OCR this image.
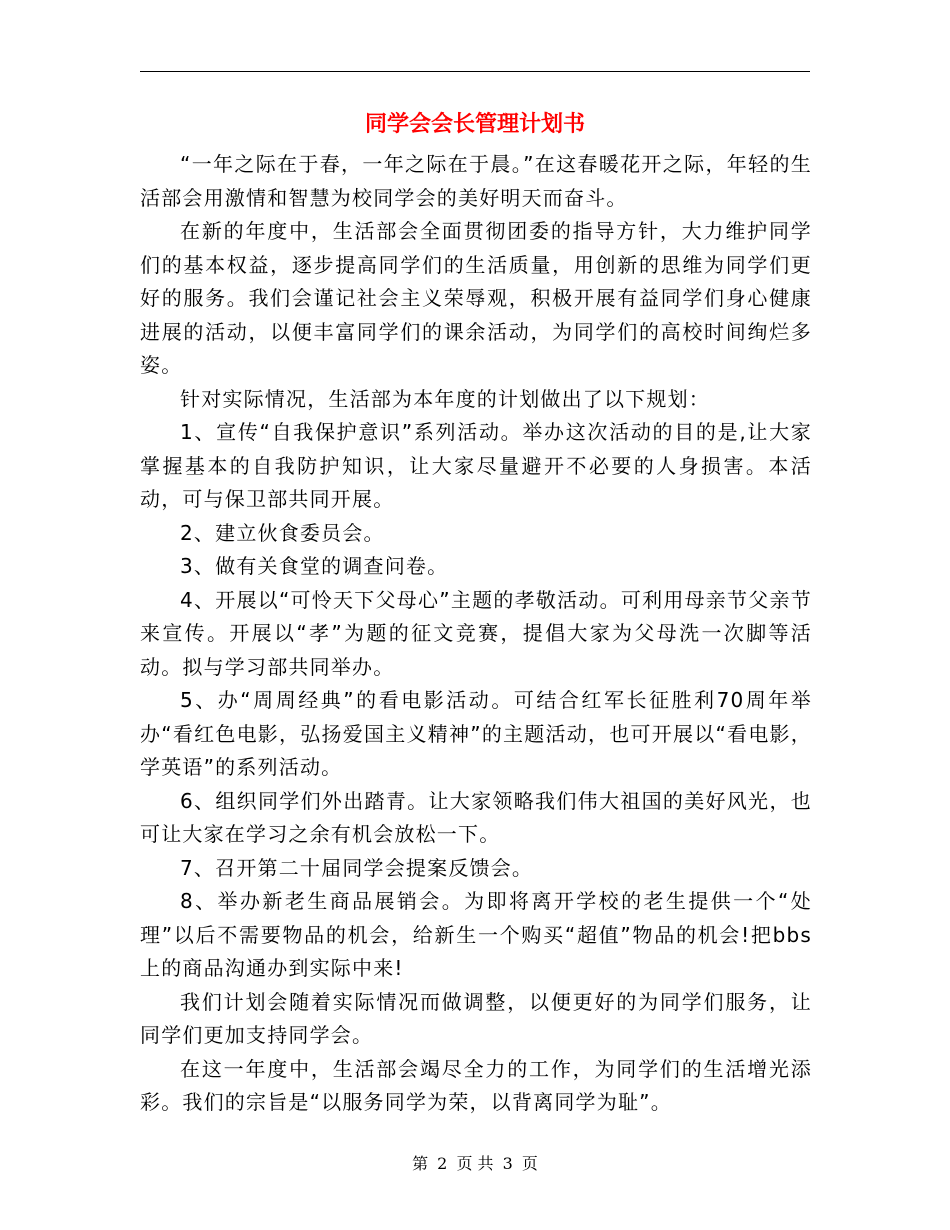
同学会会长管理计划书

“一年之际在于春，一年之际在于晨。”在这春暖花开之际，年轻的生活部会用激情和智慧为校同学会的美好明天而奋斗。

在新的年度中，生活部会全面贯彻团委的指导方针，大力维护同学们的基本权益，逐步提高同学们的生活质量，用创新的思维为同学们更好的服务。我们会谨记社会主义荣辱观，积极开展有益同学们身心健康进展的活动，以便丰富同学们的课余活动，为同学们的高校时间绚烂多姿。

针对实际情况，生活部为本年度的计划做出了以下规划：

1、宣传“自我保护意识”系列活动。举办这次活动的目的是,让大家掌握基本的自我防护知识，让大家尽量避开不必要的人身损害。本活动，可与保卫部共同开展。

2、建立伙食委员会。

3、做有关食堂的调查问卷。

4、开展以“可怜天下父母心”主题的孝敬活动。可利用母亲节父亲节来宣传。开展以“孝”为题的征文竞赛，提倡大家为父母洗一次脚等活动。拟与学习部共同举办。

5、办“周周经典”的看电影活动。可结合红军长征胜利70周年举办“看红色电影，弘扬爱国主义精神”的主题活动，也可开展以“看电影，学英语”的系列活动。

6、组织同学们外出踏青。让大家领略我们伟大祖国的美好风光，也可让大家在学习之余有机会放松一下。

7、召开第二十届同学会提案反馈会。

8、举办新老生商品展销会。为即将离开学校的老生提供一个“处理”以后不需要物品的机会，给新生一个购买“超值”物品的机会!把bbs上的商品沟通办到实际中来!

我们计划会随着实际情况而做调整，以便更好的为同学们服务，让同学们更加支持同学会。

在这一年度中，生活部会竭尽全力的工作，为同学们的生活增光添彩。我们的宗旨是“以服务同学为荣，以背离同学为耻”。

第 2 页 共 3 页
